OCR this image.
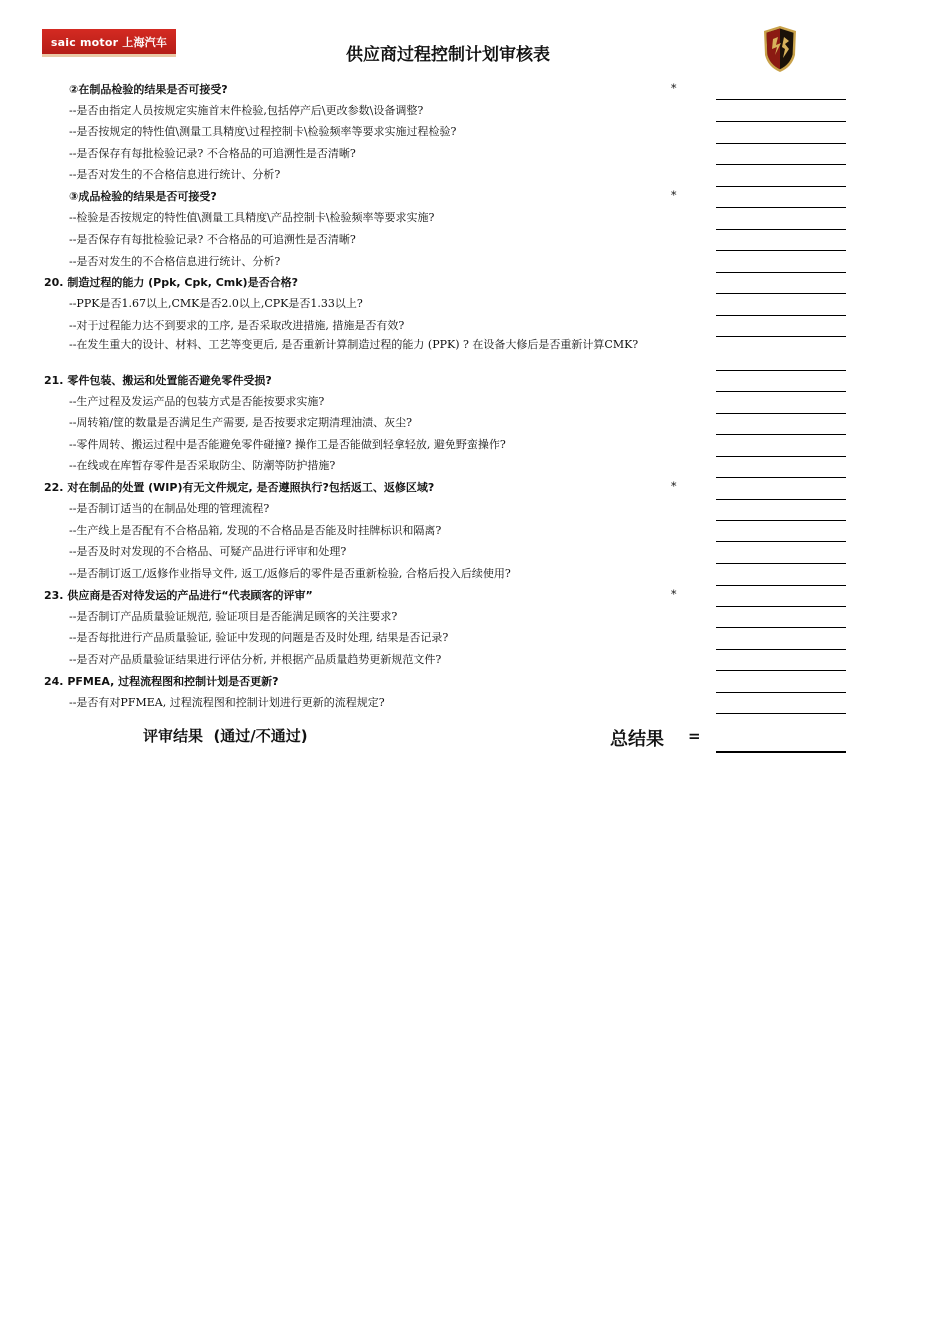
saic motor 上海汽车
供应商过程控制计划审核表
②在制品检验的结果是否可接受?	*
--是否由指定人员按规定实施首末件检验,包括停产后\更改参数\设备调整?
--是否按规定的特性值\测量工具精度\过程控制卡\检验频率等要求实施过程检验?
--是否保存有每批检验记录? 不合格品的可追溯性是否清晰?
--是否对发生的不合格信息进行统计、分析?
③成品检验的结果是否可接受?	*
--检验是否按规定的特性值\测量工具精度\产品控制卡\检验频率等要求实施?
--是否保存有每批检验记录? 不合格品的可追溯性是否清晰?
--是否对发生的不合格信息进行统计、分析?
20. 制造过程的能力 (Ppk, Cpk, Cmk)是否合格?
--PPK是否1.67以上,CMK是否2.0以上,CPK是否1.33以上?
--对于过程能力达不到要求的工序, 是否采取改进措施, 措施是否有效?
--在发生重大的设计、材料、工艺等变更后, 是否重新计算制造过程的能力 (PPK) ? 在设备大修后是否重新计算CMK?
21. 零件包装、搬运和处置能否避免零件受损?
--生产过程及发运产品的包装方式是否能按要求实施?
--周转箱/筐的数量是否满足生产需要, 是否按要求定期清理油渍、灰尘?
--零件周转、搬运过程中是否能避免零件碰撞? 操作工是否能做到轻拿轻放, 避免野蛮操作?
--在线或在库暂存零件是否采取防尘、防潮等防护措施?
22. 对在制品的处置 (WIP)有无文件规定, 是否遵照执行?包括返工、返修区域?	*
--是否制订适当的在制品处理的管理流程?
--生产线上是否配有不合格品箱, 发现的不合格品是否能及时挂牌标识和隔离?
--是否及时对发现的不合格品、可疑产品进行评审和处理?
--是否制订返工/返修作业指导文件, 返工/返修后的零件是否重新检验, 合格后投入后续使用?
23. 供应商是否对待发运的产品进行“代表顾客的评审”	*
--是否制订产品质量验证规范, 验证项目是否能满足顾客的关注要求?
--是否每批进行产品质量验证, 验证中发现的问题是否及时处理, 结果是否记录?
--是否对产品质量验证结果进行评估分析, 并根据产品质量趋势更新规范文件?
24. PFMEA, 过程流程图和控制计划是否更新?
--是否有对PFMEA, 过程流程图和控制计划进行更新的流程规定?
评审结果  (通过/不通过)	总结果 =
